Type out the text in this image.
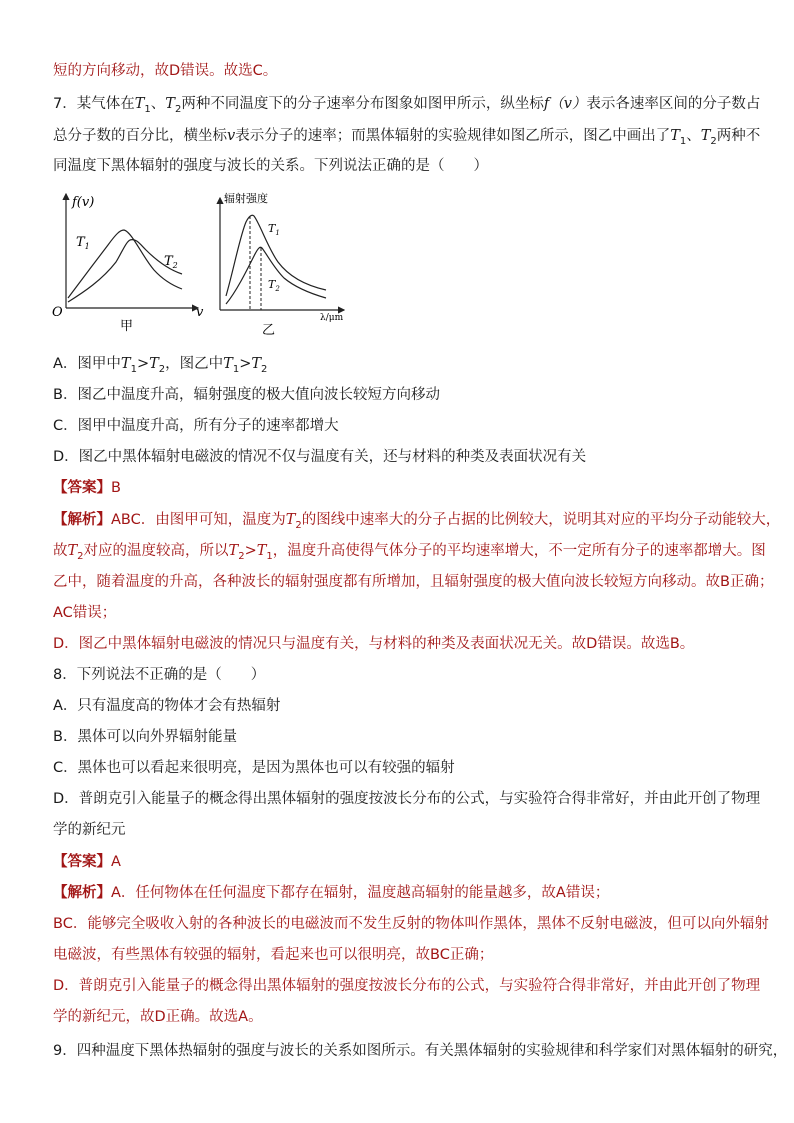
短的方向移动，故D错误。故选C。
7．某气体在$T_1$、$T_2$两种不同温度下的分子速率分布图象如图甲所示，纵坐标f（v）表示各速率区间的分子数占
总分子数的百分比，横坐标v表示分子的速率；而黑体辐射的实验规律如图乙所示，图乙中画出了$T_1$、$T_2$两种不
同温度下黑体辐射的强度与波长的关系。下列说法正确的是（　　）
f(v)
$T_1$
$T_2$
O	v
甲
辐射强度
$T_1$
$T_2$
λ/μm
乙
A．图甲中$T_1>T_2$，图乙中$T_1>T_2$
B．图乙中温度升高，辐射强度的极大值向波长较短方向移动
C．图甲中温度升高，所有分子的速率都增大
D．图乙中黑体辐射电磁波的情况不仅与温度有关，还与材料的种类及表面状况有关
【答案】B
【解析】ABC．由图甲可知，温度为$T_2$的图线中速率大的分子占据的比例较大，说明其对应的平均分子动能较大，
故$T_2$对应的温度较高，所以$T_2>T_1$，温度升高使得气体分子的平均速率增大，不一定所有分子的速率都增大。图
乙中，随着温度的升高，各种波长的辐射强度都有所增加，且辐射强度的极大值向波长较短方向移动。故B正确；
AC错误；
D．图乙中黑体辐射电磁波的情况只与温度有关，与材料的种类及表面状况无关。故D错误。故选B。
8．下列说法不正确的是（　　）
A．只有温度高的物体才会有热辐射
B．黑体可以向外界辐射能量
C．黑体也可以看起来很明亮，是因为黑体也可以有较强的辐射
D．普朗克引入能量子的概念得出黑体辐射的强度按波长分布的公式，与实验符合得非常好，并由此开创了物理
学的新纪元
【答案】A
【解析】A．任何物体在任何温度下都存在辐射，温度越高辐射的能量越多，故A错误；
BC．能够完全吸收入射的各种波长的电磁波而不发生反射的物体叫作黑体，黑体不反射电磁波，但可以向外辐射
电磁波，有些黑体有较强的辐射，看起来也可以很明亮，故BC正确；
D．普朗克引入能量子的概念得出黑体辐射的强度按波长分布的公式，与实验符合得非常好，并由此开创了物理
学的新纪元，故D正确。故选A。
9．四种温度下黑体热辐射的强度与波长的关系如图所示。有关黑体辐射的实验规律和科学家们对黑体辐射的研究，
